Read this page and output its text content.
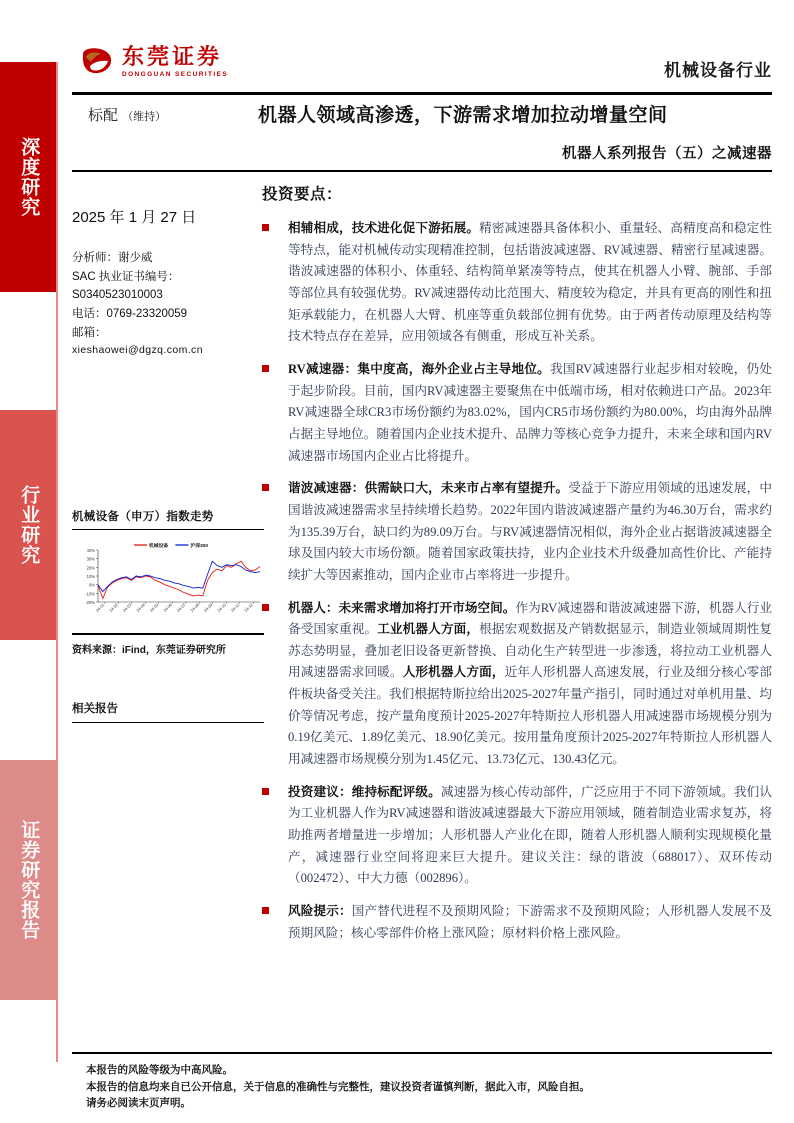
深度研究
行业研究
证券研究报告
东莞证券
DONGGUAN SECURITIES	机械设备行业
标配 （维持）	机器人领域高渗透，下游需求增加拉动增量空间
机器人系列报告（五）之减速器
2025 年 1 月 27 日
分析师：谢少威
SAC 执业证书编号：
S0340523010003
电话：0769-23320059
邮箱：
xieshaowei@dgzq.com.cn
机械设备（申万）指数走势
40%
30%
20%
10%
0%
-10%
-20% 24-01 24-02 24-03 24-04 24-05 24-06 24-07 24-08 24-09 24-10 24-11 24-12
机械设备	沪深300
资料来源：iFind，东莞证券研究所
相关报告
投资要点：
相辅相成，技术进化促下游拓展。精密减速器具备体积小、重量轻、高精度高和稳定性等特点，能对机械传动实现精准控制，包括谐波减速器、RV减速器、精密行星减速器。谐波减速器的体积小、体重轻、结构简单紧凑等特点，使其在机器人小臂、腕部、手部等部位具有较强优势。RV减速器传动比范围大、精度较为稳定，并具有更高的刚性和扭矩承载能力，在机器人大臂、机座等重负载部位拥有优势。由于两者传动原理及结构等技术特点存在差异，应用领域各有侧重，形成互补关系。
RV减速器：集中度高，海外企业占主导地位。我国RV减速器行业起步相对较晚，仍处于起步阶段。目前，国内RV减速器主要聚焦在中低端市场，相对依赖进口产品。2023年RV减速器全球CR3市场份额约为83.02%，国内CR5市场份额约为80.00%，均由海外品牌占据主导地位。随着国内企业技术提升、品牌力等核心竞争力提升，未来全球和国内RV减速器市场国内企业占比将提升。
谐波减速器：供需缺口大，未来市占率有望提升。受益于下游应用领域的迅速发展，中国谐波减速器需求呈持续增长趋势。2022年国内谐波减速器产量约为46.30万台，需求约为135.39万台，缺口约为89.09万台。与RV减速器情况相似，海外企业占据谐波减速器全球及国内较大市场份额。随着国家政策扶持，业内企业技术升级叠加高性价比、产能持续扩大等因素推动，国内企业市占率将进一步提升。
机器人：未来需求增加将打开市场空间。作为RV减速器和谐波减速器下游，机器人行业备受国家重视。工业机器人方面，根据宏观数据及产销数据显示，制造业领域周期性复苏态势明显，叠加老旧设备更新替换、自动化生产转型进一步渗透，将拉动工业机器人用减速器需求回暖。人形机器人方面，近年人形机器人高速发展，行业及细分核心零部件板块备受关注。我们根据特斯拉给出2025-2027年量产指引，同时通过对单机用量、均价等情况考虑，按产量角度预计2025-2027年特斯拉人形机器人用减速器市场规模分别为0.19亿美元、1.89亿美元、18.90亿美元。按用量角度预计2025-2027年特斯拉人形机器人用减速器市场规模分别为1.45亿元、13.73亿元、130.43亿元。
投资建议：维持标配评级。减速器为核心传动部件，广泛应用于不同下游领域。我们认为工业机器人作为RV减速器和谐波减速器最大下游应用领域，随着制造业需求复苏，将助推两者增量进一步增加；人形机器人产业化在即，随着人形机器人顺利实现规模化量产，减速器行业空间将迎来巨大提升。建议关注：绿的谐波（688017）、双环传动（002472）、中大力德（002896）。
风险提示：国产替代进程不及预期风险；下游需求不及预期风险；人形机器人发展不及预期风险；核心零部件价格上涨风险；原材料价格上涨风险。
本报告的风险等级为中高风险。
本报告的信息均来自已公开信息，关于信息的准确性与完整性，建议投资者谨慎判断，据此入市，风险自担。
请务必阅读末页声明。
